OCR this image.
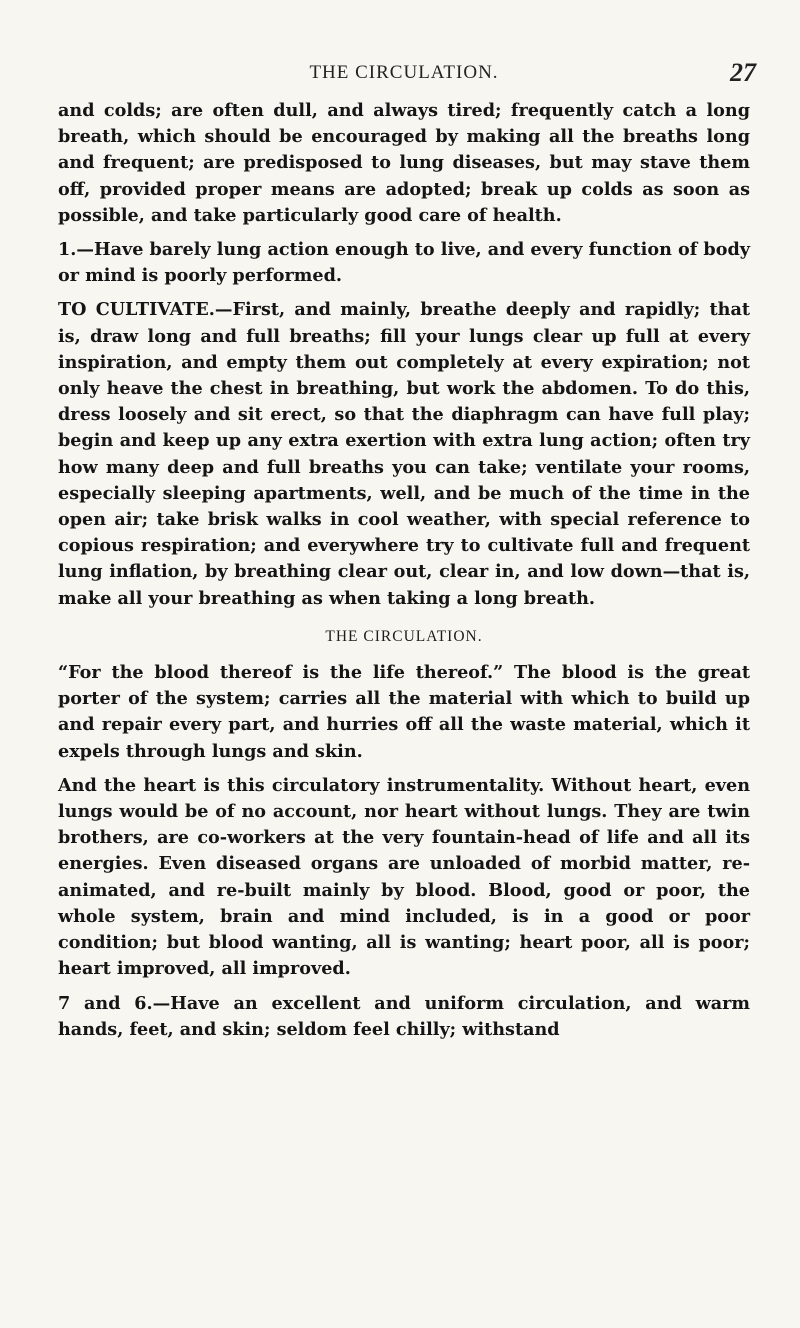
THE CIRCULATION.	27

and colds; are often dull, and always tired; frequently catch a long breath, which should be encouraged by making all the breaths long and frequent; are predisposed to lung diseases, but may stave them off, provided proper means are adopted; break up colds as soon as possible, and take particularly good care of health.

1.—Have barely lung action enough to live, and every function of body or mind is poorly performed.

TO CULTIVATE.—First, and mainly, breathe deeply and rapidly; that is, draw long and full breaths; fill your lungs clear up full at every inspiration, and empty them out completely at every expiration; not only heave the chest in breathing, but work the abdomen. To do this, dress loosely and sit erect, so that the diaphragm can have full play; begin and keep up any extra exertion with extra lung action; often try how many deep and full breaths you can take; ventilate your rooms, especially sleeping apartments, well, and be much of the time in the open air; take brisk walks in cool weather, with special reference to copious respiration; and everywhere try to cultivate full and frequent lung inflation, by breathing clear out, clear in, and low down—that is, make all your breathing as when taking a long breath.

THE CIRCULATION.

“For the blood thereof is the life thereof.” The blood is the great porter of the system; carries all the material with which to build up and repair every part, and hurries off all the waste material, which it expels through lungs and skin.

And the heart is this circulatory instrumentality. Without heart, even lungs would be of no account, nor heart without lungs. They are twin brothers, are co-workers at the very fountain-head of life and all its energies. Even diseased organs are unloaded of morbid matter, re-animated, and re-built mainly by blood. Blood, good or poor, the whole system, brain and mind included, is in a good or poor condition; but blood wanting, all is wanting; heart poor, all is poor; heart improved, all improved.

7 and 6.—Have an excellent and uniform circulation, and warm hands, feet, and skin; seldom feel chilly; withstand
